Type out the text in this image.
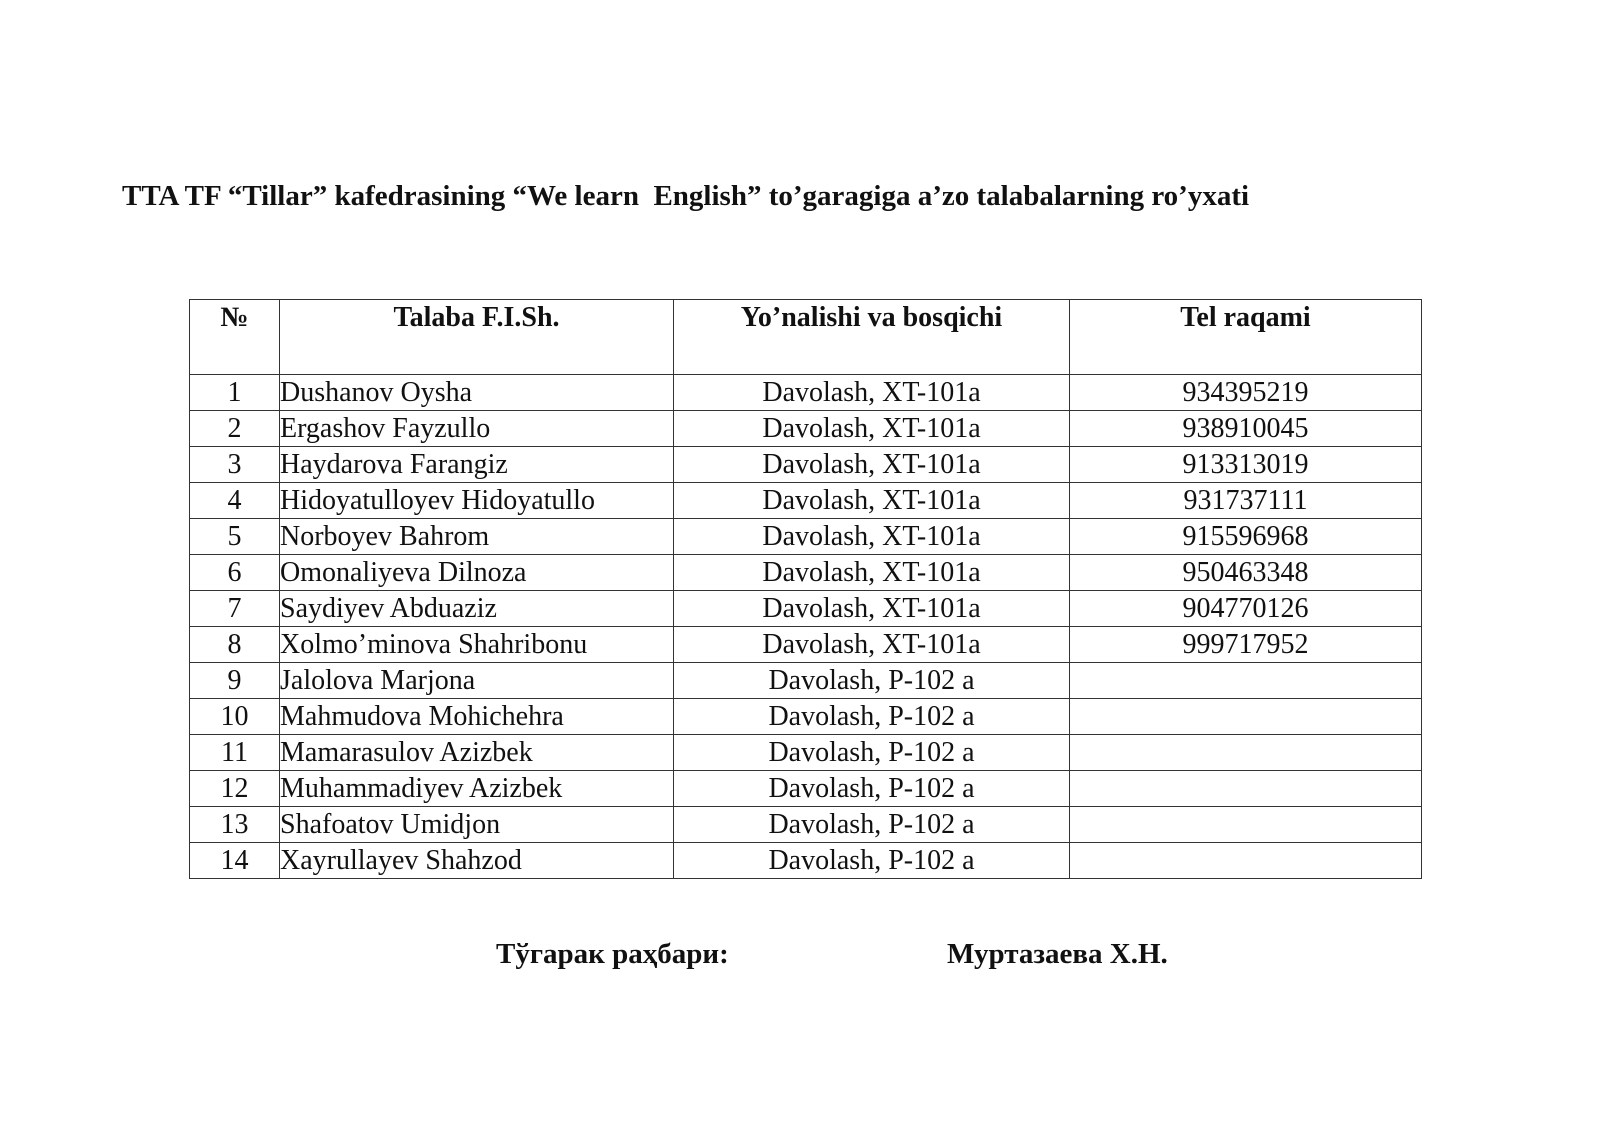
TTA TF “Tillar” kafedrasining “We learn  English” to’garagiga a’zo talabalarning ro’yxati
№	Talaba F.I.Sh.	Yo’nalishi va bosqichi	Tel raqami
1	Dushanov Oysha	Davolash, XT-101a	934395219
2	Ergashov Fayzullo	Davolash, XT-101a	938910045
3	Haydarova Farangiz	Davolash, XT-101a	913313019
4	Hidoyatulloyev Hidoyatullo	Davolash, XT-101a	931737111
5	Norboyev Bahrom	Davolash, XT-101a	915596968
6	Omonaliyeva Dilnoza	Davolash, XT-101a	950463348
7	Saydiyev Abduaziz	Davolash, XT-101a	904770126
8	Xolmo’minova Shahribonu	Davolash, XT-101a	999717952
9	Jalolova Marjona	Davolash, P-102 a	
10	Mahmudova Mohichehra	Davolash, P-102 a	
11	Mamarasulov Azizbek	Davolash, P-102 a	
12	Muhammadiyev Azizbek	Davolash, P-102 a	
13	Shafoatov Umidjon	Davolash, P-102 a	
14	Xayrullayev Shahzod	Davolash, P-102 a	
Тўгарак раҳбари:	Муртазаева Х.Н.
